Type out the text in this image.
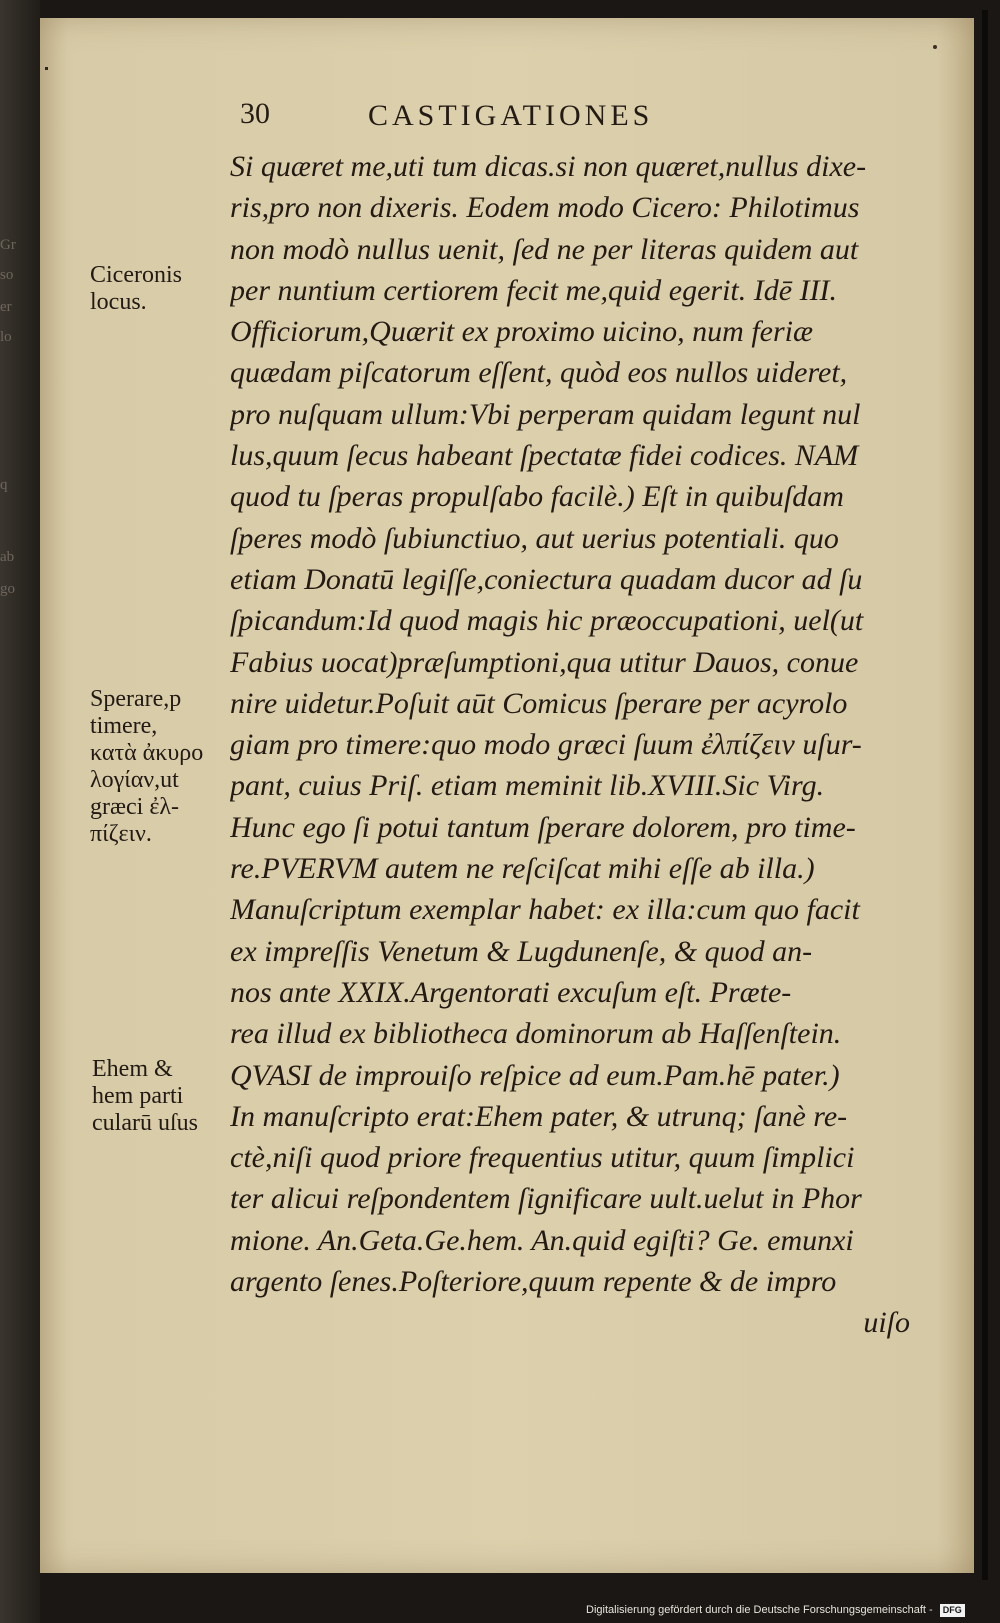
Gr
so
er
lo
q
ab
go
30	CASTIGATIONES
Si quæret me,uti tum dicas.si non quæret,nullus dixe-
ris,pro non dixeris. Eodem modo Cicero: Philotimus
non modò nullus uenit, ſed ne per literas quidem aut
per nuntium certiorem fecit me,quid egerit. Idē III.
Officiorum,Quærit ex proximo uicino, num feriæ
quædam piſcatorum eſſent, quòd eos nullos uideret,
pro nuſquam ullum:Vbi perperam quidam legunt nul
lus,quum ſecus habeant ſpectatæ fidei codices. NAM
quod tu ſperas propulſabo facilè.) Eſt in quibuſdam
ſperes modò ſubiunctiuo, aut uerius potentiali. quo
etiam Donatū legiſſe,coniectura quadam ducor ad ſu
ſpicandum:Id quod magis hic præoccupationi, uel(ut
Fabius uocat)præſumptioni,qua utitur Dauos, conue
nire uidetur.Poſuit aūt Comicus ſperare per acyrolo
giam pro timere:quo modo græci ſuum ἐλπίζειν uſur-
pant, cuius Priſ. etiam meminit lib.XVIII.Sic Virg.
Hunc ego ſi potui tantum ſperare dolorem, pro time-
re.PVERVM autem ne reſciſcat mihi eſſe ab illa.)
Manuſcriptum exemplar habet: ex illa:cum quo facit
ex impreſſis Venetum & Lugdunenſe, & quod an-
nos ante XXIX.Argentorati excuſum eſt. Præte-
rea illud ex bibliotheca dominorum ab Haſſenſtein.
QVASI de improuiſo reſpice ad eum.Pam.hē pater.)
In manuſcripto erat:Ehem pater, & utrunq; ſanè re-
ctè,niſi quod priore frequentius utitur, quum ſimplici
ter alicui reſpondentem ſignificare uult.uelut in Phor
mione. An.Geta.Ge.hem. An.quid egiſti? Ge. emunxi
argento ſenes.Poſteriore,quum repente & de impro
uiſo
Ciceronis
locus.
Sperare,p
timere,
κατὰ ἀκυρο
λογίαν,ut
græci ἐλ-
πίζειν.
Ehem &
hem parti
cularū uſus
Digitalisierung gefördert durch die Deutsche Forschungsgemeinschaft - DFG
